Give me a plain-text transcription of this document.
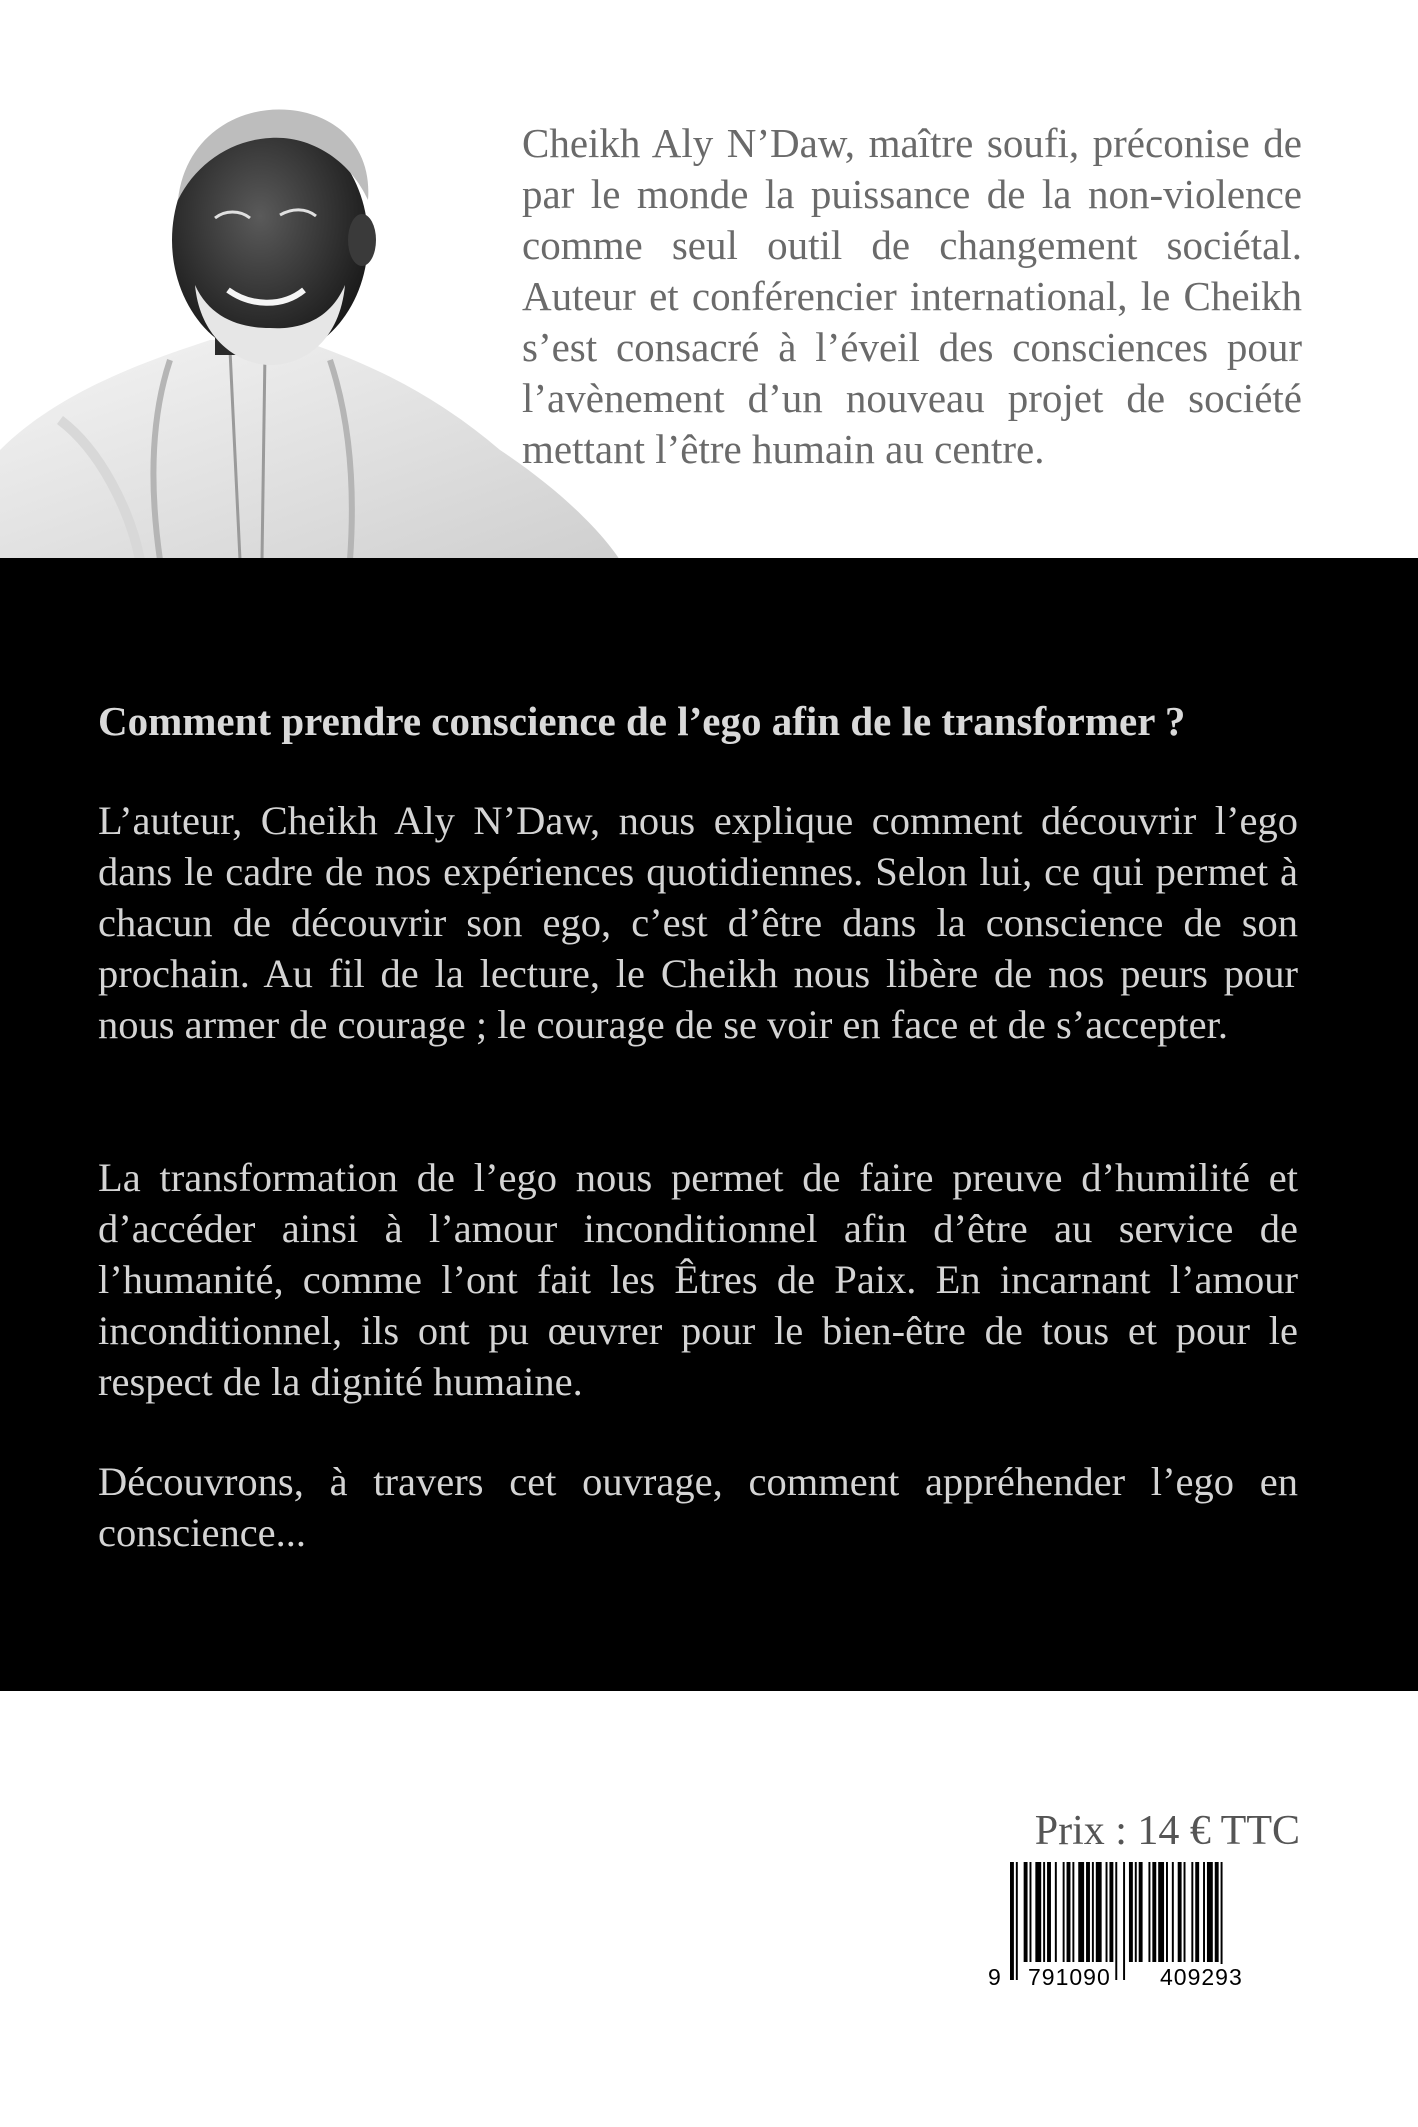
Cheikh Aly N’Daw, maître soufi, préconise de par le monde la puissance de la non-violence comme seul outil de changement sociétal. Auteur et conférencier international, le Cheikh s’est consacré à l’éveil des consciences pour l’avènement d’un nouveau projet de société mettant l’être humain au centre.

Comment prendre conscience de l’ego afin de le transformer ?

L’auteur, Cheikh Aly N’Daw, nous explique comment découvrir l’ego dans le cadre de nos expériences quotidiennes. Selon lui, ce qui permet à chacun de découvrir son ego, c’est d’être dans la conscience de son prochain. Au fil de la lecture, le Cheikh nous libère de nos peurs pour nous armer de courage ; le courage de se voir en face et de s’accepter.

La transformation de l’ego nous permet de faire preuve d’humilité et d’accéder ainsi à l’amour inconditionnel afin d’être au service de l’humanité, comme l’ont fait les Êtres de Paix. En incarnant l’amour inconditionnel, ils ont pu œuvrer pour le bien-être de tous et pour le respect de la dignité humaine.

Découvrons, à travers cet ouvrage, comment appréhender l’ego en conscience...

Prix : 14 € TTC

9 791090 409293
